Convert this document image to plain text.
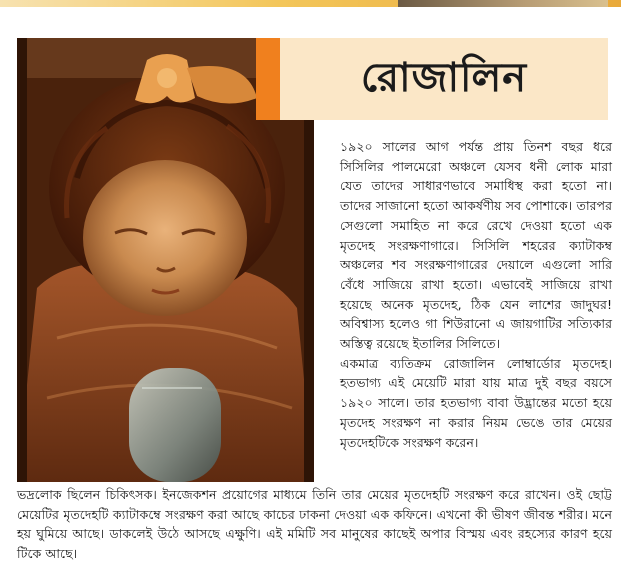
রোজালিন

১৯২০ সালের আগ পর্যন্ত প্রায় তিনশ বছর ধরে সিসিলির পালমেরো অঞ্চলে যেসব ধনী লোক মারা যেত তাদের সাধারণভাবে সমাধিস্থ করা হতো না। তাদের সাজানো হতো আকর্ষণীয় সব পোশাকে। তারপর সেগুলো সমাহিত না করে রেখে দেওয়া হতো এক মৃতদেহ সংরক্ষণাগারে। সিসিলি শহরের ক্যাটাকম্ব অঞ্চলের শব সংরক্ষণাগারের দেয়ালে এগুলো সারি বেঁধে সাজিয়ে রাখা হতো। এভাবেই সাজিয়ে রাখা হয়েছে অনেক মৃতদেহ, ঠিক যেন লাশের জাদুঘর! অবিশ্বাস্য হলেও গা শিউরানো এ জায়গাটির সত্যিকার অস্তিত্ব রয়েছে ইতালির সিলিতে।

একমাত্র ব্যতিক্রম রোজালিন লোম্বার্ডোর মৃতদেহ। হতভাগ্য এই মেয়েটি মারা যায় মাত্র দুই বছর বয়সে ১৯২০ সালে। তার হতভাগ্য বাবা উদ্ভ্রান্তের মতো হয়ে মৃতদেহ সংরক্ষণ না করার নিয়ম ভেঙে তার মেয়ের মৃতদেহটিকে সংরক্ষণ করেন।

ভদ্রলোক ছিলেন চিকিৎসক। ইনজেকশন প্রয়োগের মাধ্যমে তিনি তার মেয়ের মৃতদেহটি সংরক্ষণ করে রাখেন। ওই ছোট্ট মেয়েটির মৃতদেহটি ক্যাটাকম্বে সংরক্ষণ করা আছে কাচের ঢাকনা দেওয়া এক কফিনে। এখনো কী ভীষণ জীবন্ত শরীর। মনে হয় ঘুমিয়ে আছে। ডাকলেই উঠে আসছে এক্ষুণি। এই মমিটি সব মানুষের কাছেই অপার বিস্ময় এবং রহস্যের কারণ হয়ে টিকে আছে।
